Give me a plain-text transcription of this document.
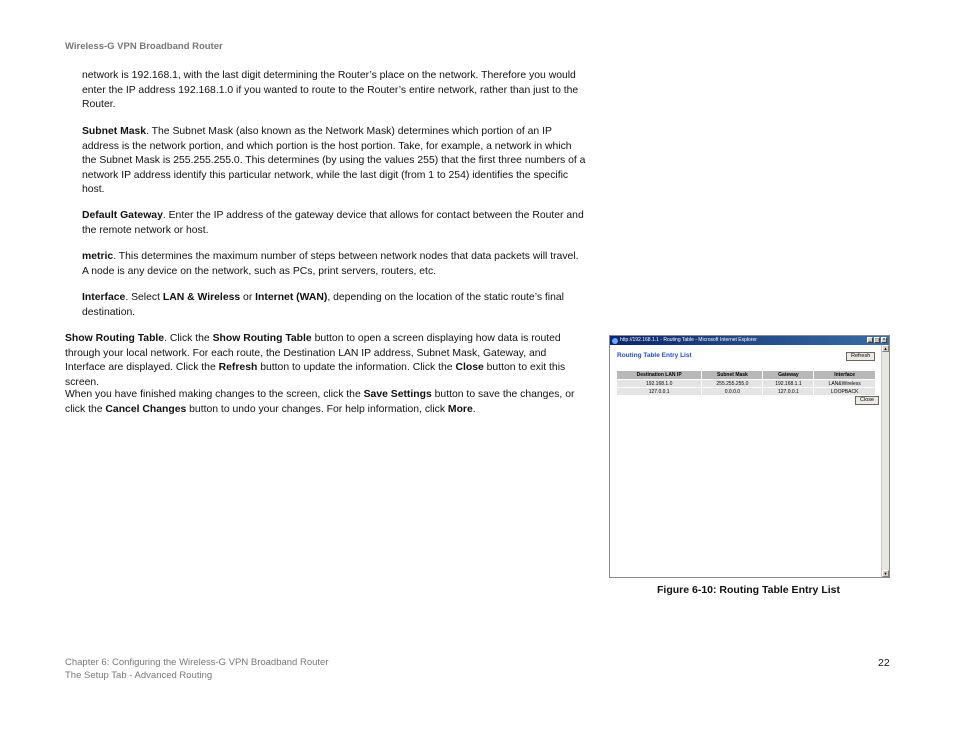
Wireless-G VPN Broadband Router

network is 192.168.1, with the last digit determining the Router’s place on the network. Therefore you would enter the IP address 192.168.1.0 if you wanted to route to the Router’s entire network, rather than just to the Router.

Subnet Mask. The Subnet Mask (also known as the Network Mask) determines which portion of an IP address is the network portion, and which portion is the host portion. Take, for example, a network in which the Subnet Mask is 255.255.255.0. This determines (by using the values 255) that the first three numbers of a network IP address identify this particular network, while the last digit (from 1 to 254) identifies the specific host.

Default Gateway. Enter the IP address of the gateway device that allows for contact between the Router and the remote network or host.

metric. This determines the maximum number of steps between network nodes that data packets will travel. A node is any device on the network, such as PCs, print servers, routers, etc.

Interface. Select LAN & Wireless or Internet (WAN), depending on the location of the static route’s final destination.

Show Routing Table. Click the Show Routing Table button to open a screen displaying how data is routed through your local network. For each route, the Destination LAN IP address, Subnet Mask, Gateway, and Interface are displayed. Click the Refresh button to update the information. Click the Close button to exit this screen.

When you have finished making changes to the screen, click the Save Settings button to save the changes, or click the Cancel Changes button to undo your changes. For help information, click More.

http://192.168.1.1 - Routing Table - Microsoft Internet Explorer	_ □ ×
Routing Table Entry List	Refresh
Destination LAN IP	Subnet Mask	Gateway	Interface
192.168.1.0	255.255.255.0	192.168.1.1	LAN&Wireless
127.0.0.1	0.0.0.0	127.0.0.1	LOOPBACK
Close
▲
▼
Figure 6-10: Routing Table Entry List
Chapter 6: Configuring the Wireless-G VPN Broadband Router
The Setup Tab - Advanced Routing
22
